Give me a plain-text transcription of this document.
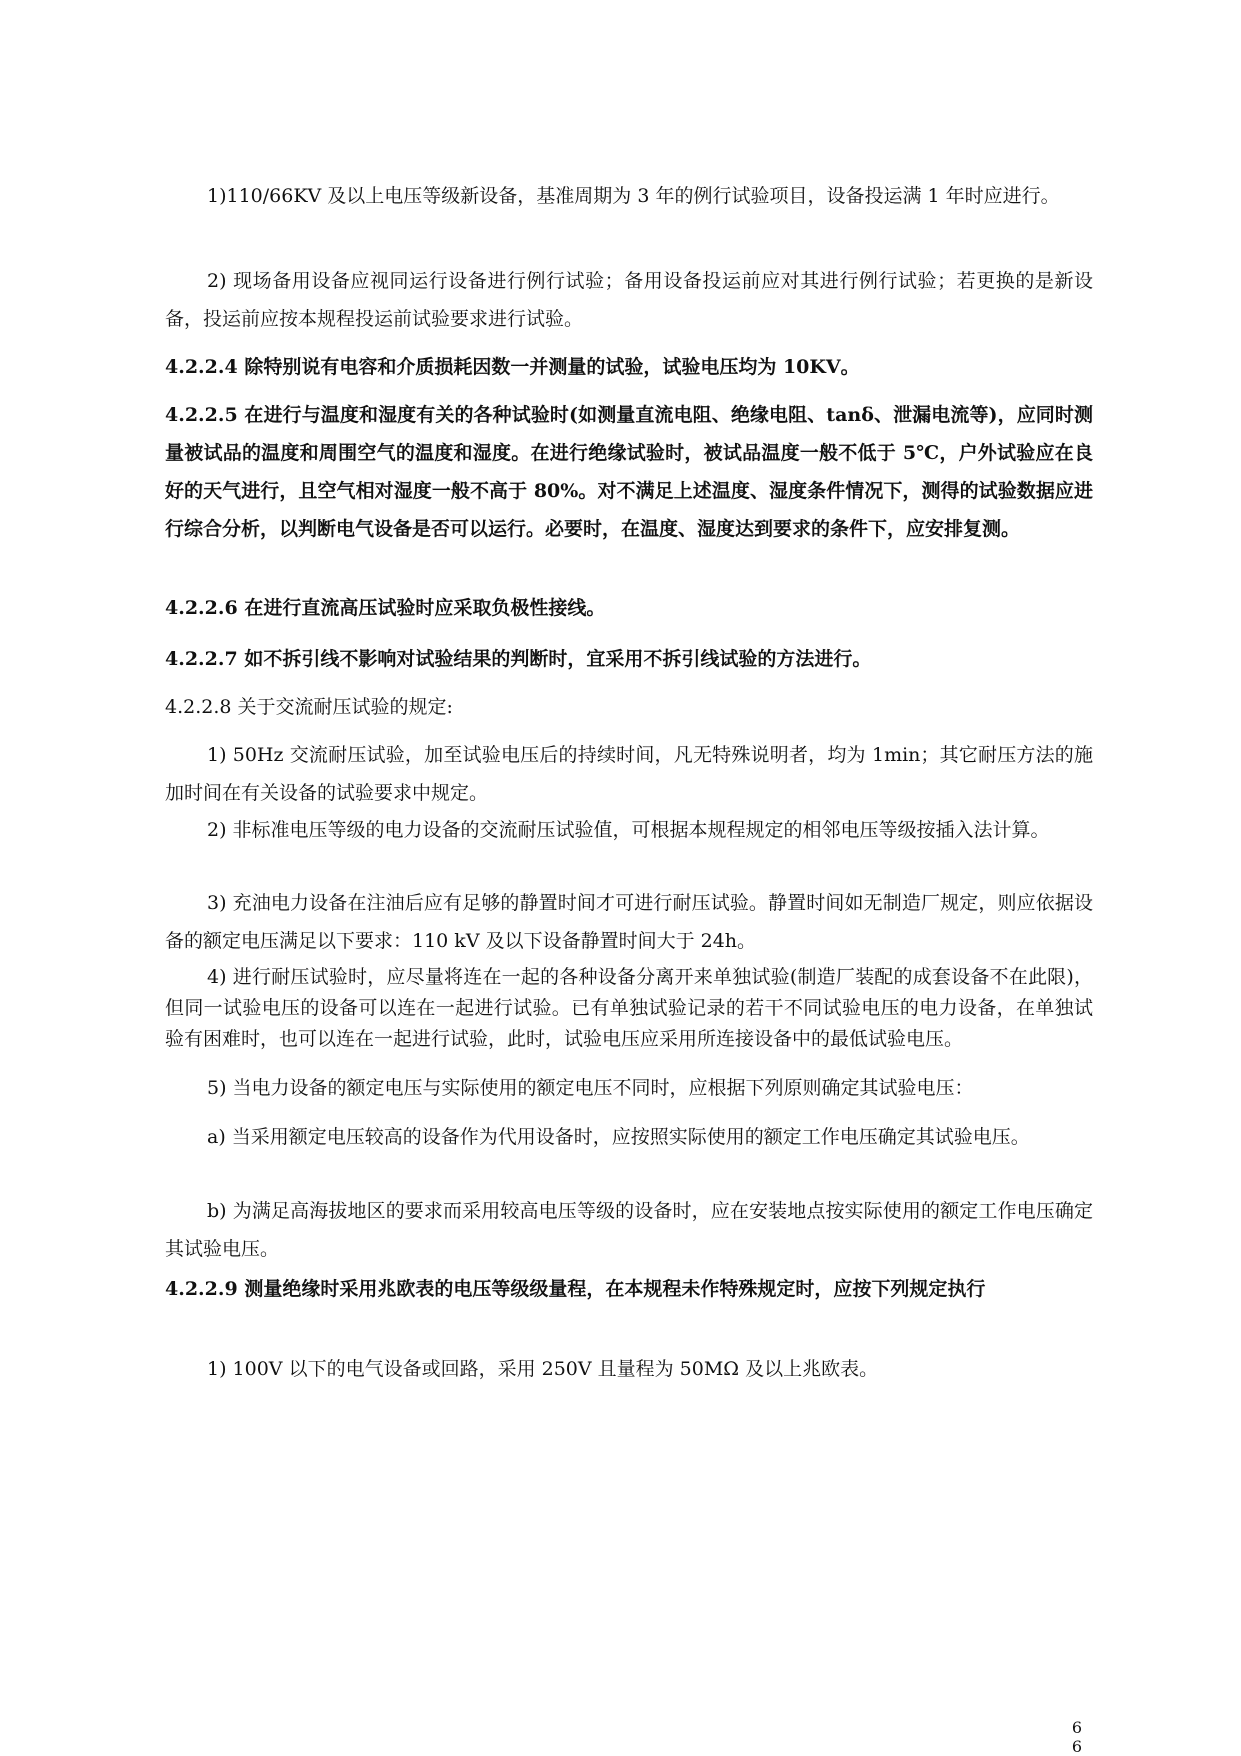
1)110/66KV 及以上电压等级新设备，基准周期为 3 年的例行试验项目，设备投运满 1 年时应进行。

2) 现场备用设备应视同运行设备进行例行试验；备用设备投运前应对其进行例行试验；若更换的是新设备，投运前应按本规程投运前试验要求进行试验。

4.2.2.4 除特别说有电容和介质损耗因数一并测量的试验，试验电压均为 10KV。

4.2.2.5 在进行与温度和湿度有关的各种试验时(如测量直流电阻、绝缘电阻、tanδ、泄漏电流等)，应同时测量被试品的温度和周围空气的温度和湿度。在进行绝缘试验时，被试品温度一般不低于 5℃，户外试验应在良好的天气进行，且空气相对湿度一般不高于 80%。对不满足上述温度、湿度条件情况下，测得的试验数据应进行综合分析，以判断电气设备是否可以运行。必要时，在温度、湿度达到要求的条件下，应安排复测。

4.2.2.6 在进行直流高压试验时应采取负极性接线。

4.2.2.7 如不拆引线不影响对试验结果的判断时，宜采用不拆引线试验的方法进行。

4.2.2.8 关于交流耐压试验的规定:

1) 50Hz 交流耐压试验，加至试验电压后的持续时间，凡无特殊说明者，均为 1min；其它耐压方法的施加时间在有关设备的试验要求中规定。

2) 非标准电压等级的电力设备的交流耐压试验值，可根据本规程规定的相邻电压等级按插入法计算。

3) 充油电力设备在注油后应有足够的静置时间才可进行耐压试验。静置时间如无制造厂规定，则应依据设备的额定电压满足以下要求：110 kV 及以下设备静置时间大于 24h。

4) 进行耐压试验时，应尽量将连在一起的各种设备分离开来单独试验(制造厂装配的成套设备不在此限)，但同一试验电压的设备可以连在一起进行试验。已有单独试验记录的若干不同试验电压的电力设备，在单独试验有困难时，也可以连在一起进行试验，此时，试验电压应采用所连接设备中的最低试验电压。

5) 当电力设备的额定电压与实际使用的额定电压不同时，应根据下列原则确定其试验电压：

a) 当采用额定电压较高的设备作为代用设备时，应按照实际使用的额定工作电压确定其试验电压。

b) 为满足高海拔地区的要求而采用较高电压等级的设备时，应在安装地点按实际使用的额定工作电压确定其试验电压。

4.2.2.9 测量绝缘时采用兆欧表的电压等级级量程，在本规程未作特殊规定时，应按下列规定执行

1) 100V 以下的电气设备或回路，采用 250V 且量程为 50MΩ 及以上兆欧表。

66
